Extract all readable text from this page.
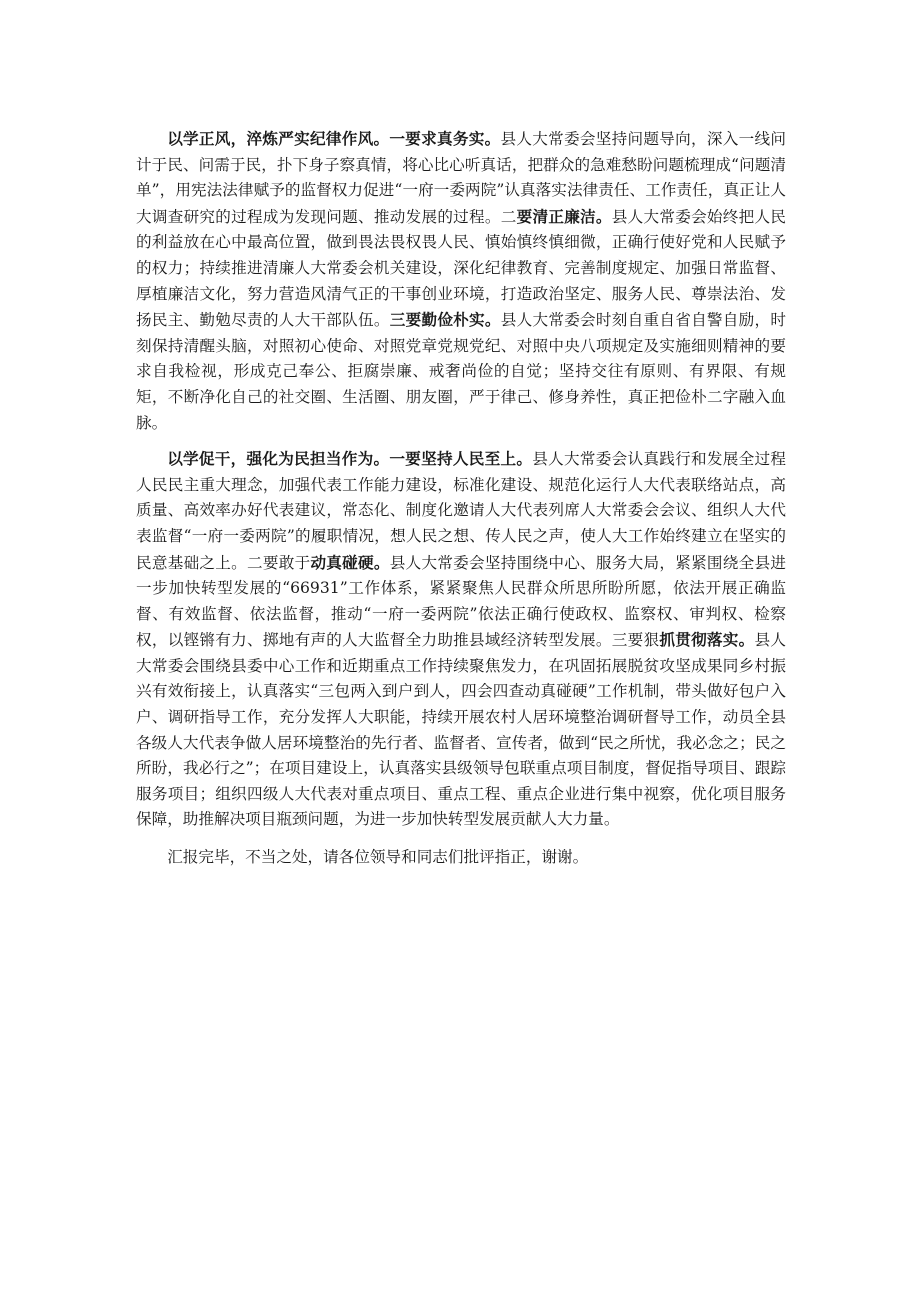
以学正风，淬炼严实纪律作风。一要求真务实。县人大常委会坚持问题导向，深入一线问计于民、问需于民，扑下身子察真情，将心比心听真话，把群众的急难愁盼问题梳理成“问题清单”，用宪法法律赋予的监督权力促进“一府一委两院”认真落实法律责任、工作责任，真正让人大调查研究的过程成为发现问题、推动发展的过程。二要清正廉洁。县人大常委会始终把人民的利益放在心中最高位置，做到畏法畏权畏人民、慎始慎终慎细微，正确行使好党和人民赋予的权力；持续推进清廉人大常委会机关建设，深化纪律教育、完善制度规定、加强日常监督、厚植廉洁文化，努力营造风清气正的干事创业环境，打造政治坚定、服务人民、尊崇法治、发扬民主、勤勉尽责的人大干部队伍。三要勤俭朴实。县人大常委会时刻自重自省自警自励，时刻保持清醒头脑，对照初心使命、对照党章党规党纪、对照中央八项规定及实施细则精神的要求自我检视，形成克己奉公、拒腐崇廉、戒奢尚俭的自觉；坚持交往有原则、有界限、有规矩，不断净化自己的社交圈、生活圈、朋友圈，严于律己、修身养性，真正把俭朴二字融入血脉。

以学促干，强化为民担当作为。一要坚持人民至上。县人大常委会认真践行和发展全过程人民民主重大理念，加强代表工作能力建设，标准化建设、规范化运行人大代表联络站点，高质量、高效率办好代表建议，常态化、制度化邀请人大代表列席人大常委会会议、组织人大代表监督“一府一委两院”的履职情况，想人民之想、传人民之声，使人大工作始终建立在坚实的民意基础之上。二要敢于动真碰硬。县人大常委会坚持围绕中心、服务大局，紧紧围绕全县进一步加快转型发展的“66931”工作体系，紧紧聚焦人民群众所思所盼所愿，依法开展正确监督、有效监督、依法监督，推动“一府一委两院”依法正确行使政权、监察权、审判权、检察权，以铿锵有力、掷地有声的人大监督全力助推县域经济转型发展。三要狠抓贯彻落实。县人大常委会围绕县委中心工作和近期重点工作持续聚焦发力，在巩固拓展脱贫攻坚成果同乡村振兴有效衔接上，认真落实“三包两入到户到人，四会四查动真碰硬”工作机制，带头做好包户入户、调研指导工作，充分发挥人大职能，持续开展农村人居环境整治调研督导工作，动员全县各级人大代表争做人居环境整治的先行者、监督者、宣传者，做到“民之所忧，我必念之；民之所盼，我必行之”；在项目建设上，认真落实县级领导包联重点项目制度，督促指导项目、跟踪服务项目；组织四级人大代表对重点项目、重点工程、重点企业进行集中视察，优化项目服务保障，助推解决项目瓶颈问题，为进一步加快转型发展贡献人大力量。

汇报完毕，不当之处，请各位领导和同志们批评指正，谢谢。
